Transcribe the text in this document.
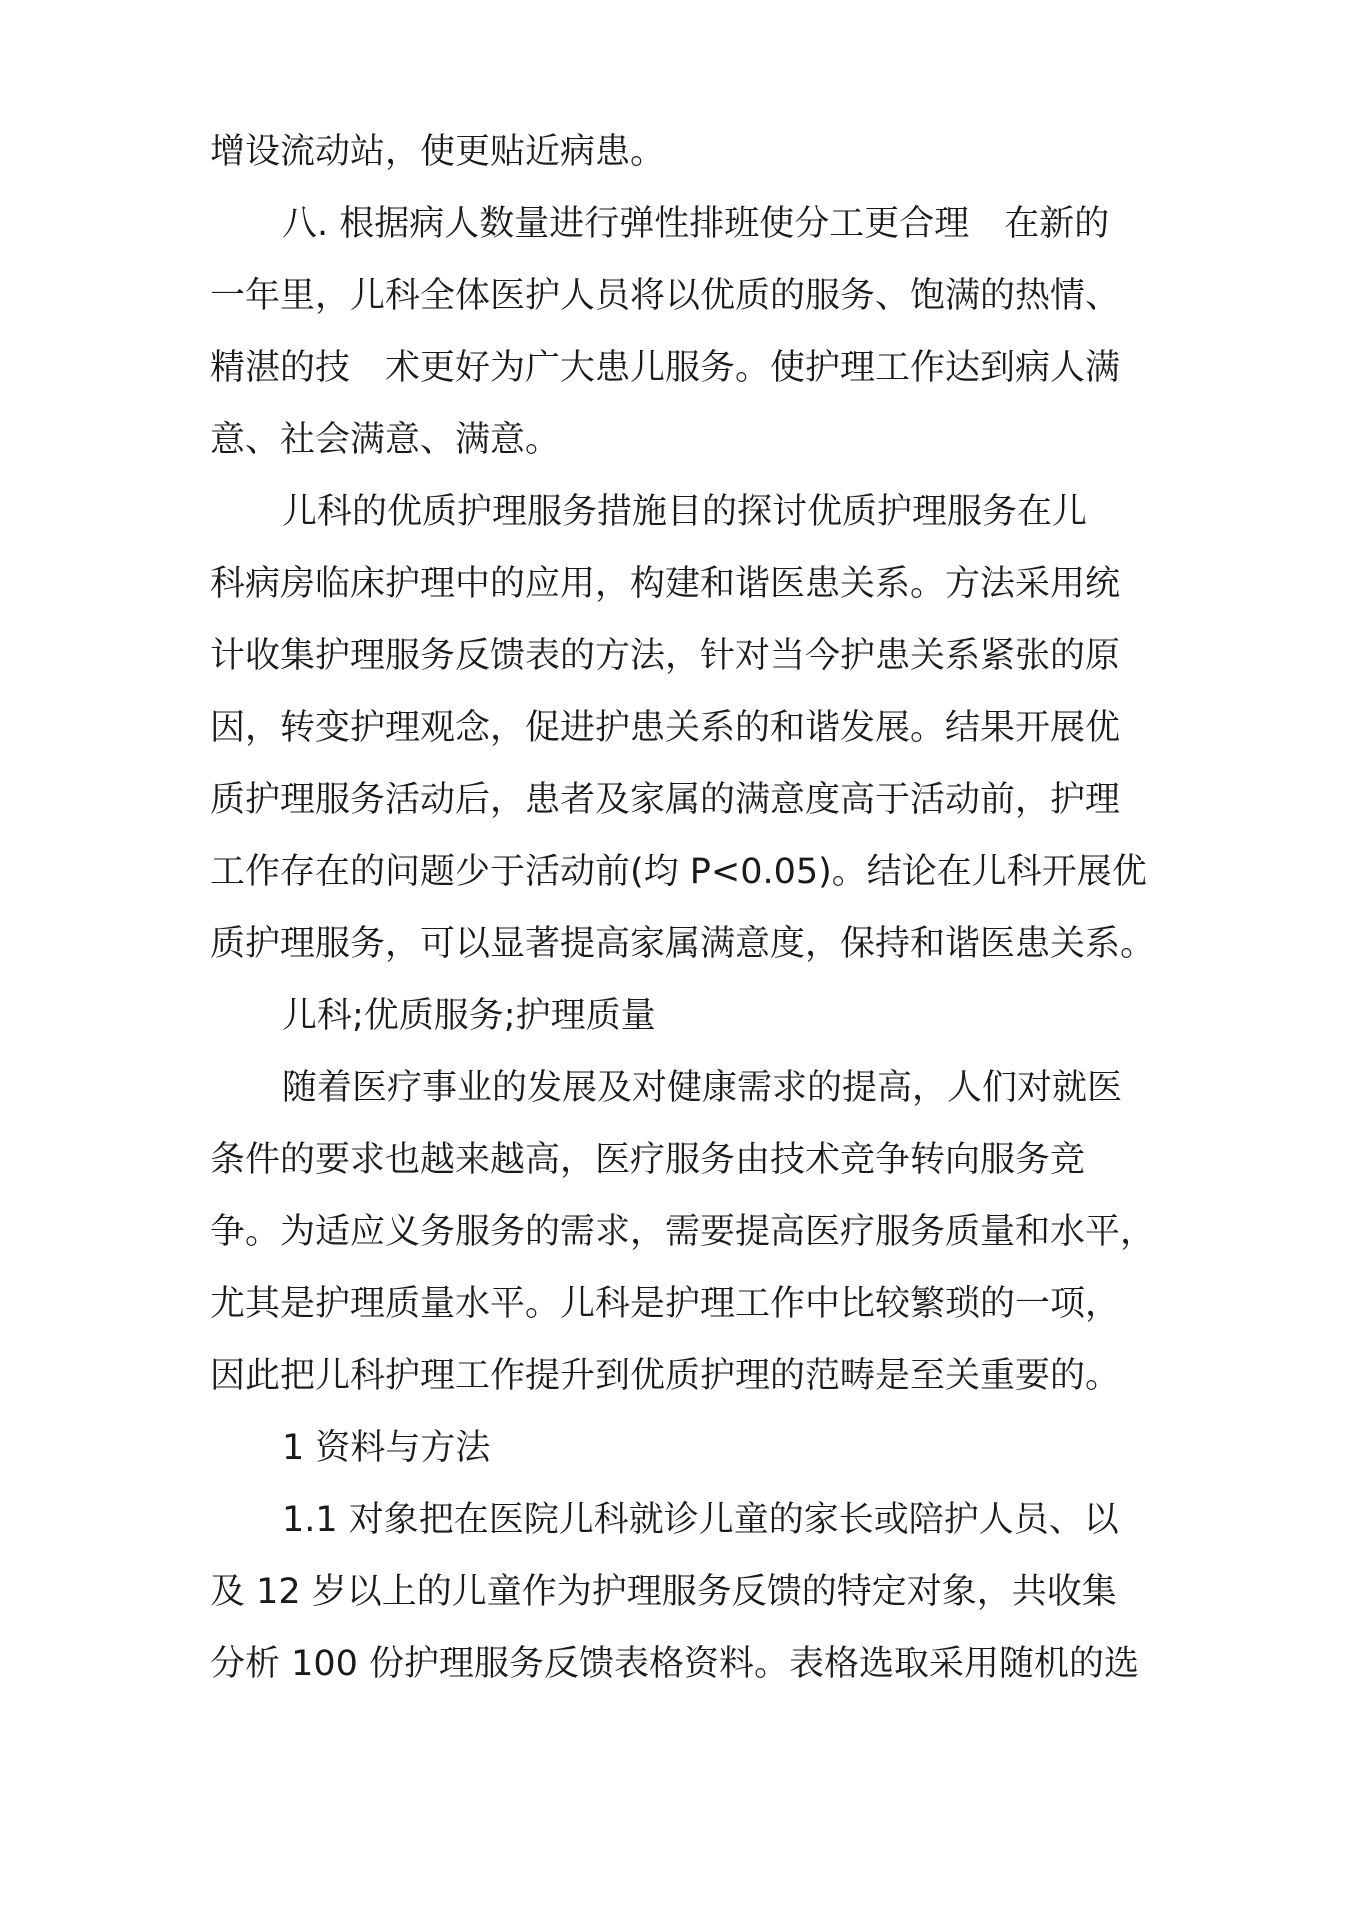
增设流动站，使更贴近病患。
八. 根据病人数量进行弹性排班使分工更合理　在新的
一年里，儿科全体医护人员将以优质的服务、饱满的热情、
精湛的技　术更好为广大患儿服务。使护理工作达到病人满
意、社会满意、满意。
儿科的优质护理服务措施目的探讨优质护理服务在儿
科病房临床护理中的应用，构建和谐医患关系。方法采用统
计收集护理服务反馈表的方法，针对当今护患关系紧张的原
因，转变护理观念，促进护患关系的和谐发展。结果开展优
质护理服务活动后，患者及家属的满意度高于活动前，护理
工作存在的问题少于活动前(均 P<0.05)。结论在儿科开展优
质护理服务，可以显著提高家属满意度，保持和谐医患关系。
儿科;优质服务;护理质量
随着医疗事业的发展及对健康需求的提高，人们对就医
条件的要求也越来越高，医疗服务由技术竞争转向服务竞
争。为适应义务服务的需求，需要提高医疗服务质量和水平，
尤其是护理质量水平。儿科是护理工作中比较繁琐的一项，
因此把儿科护理工作提升到优质护理的范畴是至关重要的。
1 资料与方法
1.1 对象把在医院儿科就诊儿童的家长或陪护人员、以
及 12 岁以上的儿童作为护理服务反馈的特定对象，共收集
分析 100 份护理服务反馈表格资料。表格选取采用随机的选
